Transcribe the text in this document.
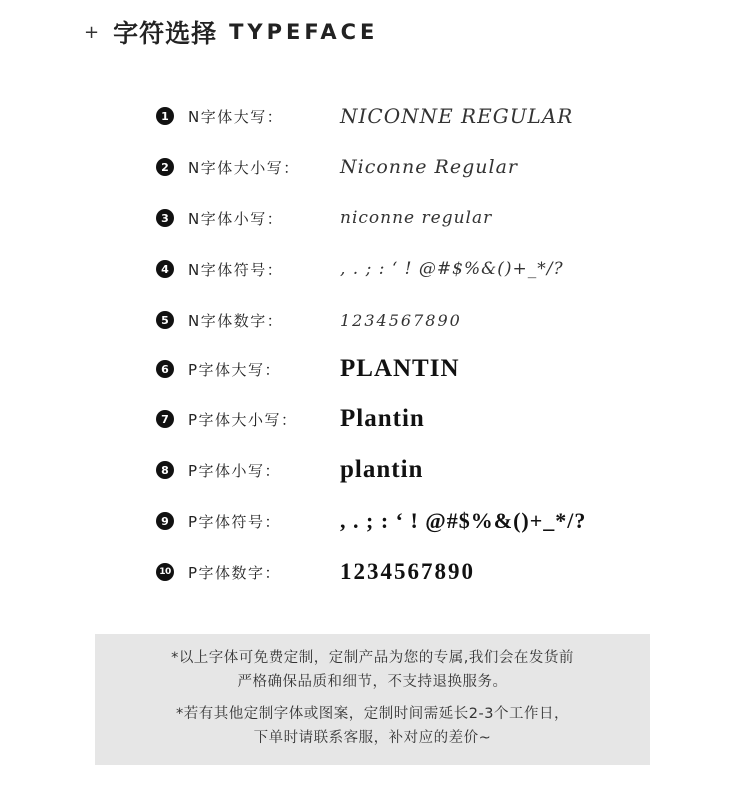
+ 字符选择 TYPEFACE
1	N字体大写：	NICONNE REGULAR
2	N字体大小写：	Niconne Regular
3	N字体小写：	niconne regular
4	N字体符号：	, . ; : ‘ ! @#$%&()+_*/?
5	N字体数字：	1234567890
6	P字体大写：	PLANTIN
7	P字体大小写：	Plantin
8	P字体小写：	plantin
9	P字体符号：	, . ; : ‘ ! @#$%&()+_*/?
10 P字体数字：	1234567890

*以上字体可免费定制，定制产品为您的专属,我们会在发货前

严格确保品质和细节，不支持退换服务。

*若有其他定制字体或图案，定制时间需延长2-3个工作日，

下单时请联系客服，补对应的差价~
